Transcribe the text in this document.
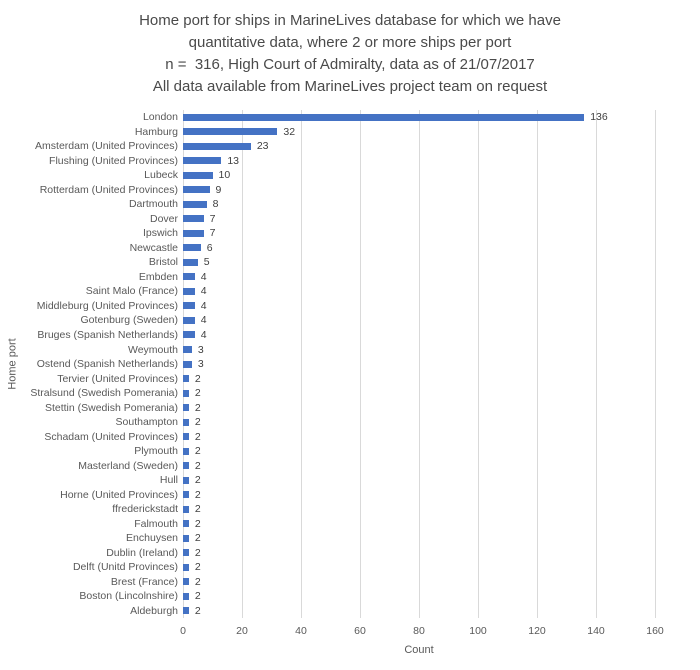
Home port for ships in MarineLives database for which we have
quantitative data, where 2 or more ships per port
n =  316, High Court of Admiralty, data as of 21/07/2017
All data available from MarineLives project team on request
Home port
London	136
Hamburg	32
Amsterdam (United Provinces)	23
Flushing (United Provinces)	13
Lubeck	10
Rotterdam (United Provinces)	9
Dartmouth	8
Dover	7
Ipswich	7
Newcastle	6
Bristol	5
Embden	4
Saint Malo (France)	4
Middleburg (United Provinces)	4
Gotenburg (Sweden)	4
Bruges (Spanish Netherlands)	4
Weymouth	3
Ostend (Spanish Netherlands)	3
Tervier (United Provinces)	2
Stralsund (Swedish Pomerania)	2
Stettin (Swedish Pomerania)	2
Southampton	2
Schadam (United Provinces)	2
Plymouth	2
Masterland (Sweden)	2
Hull	2
Horne (United Provinces)	2
ffrederickstadt	2
Falmouth	2
Enchuysen	2
Dublin (Ireland)	2
Delft (Unitd Provinces)	2
Brest (France)	2
Boston (Lincolnshire)	2
Aldeburgh	2
0	20	40	60	80	100	120	140	160
Count
